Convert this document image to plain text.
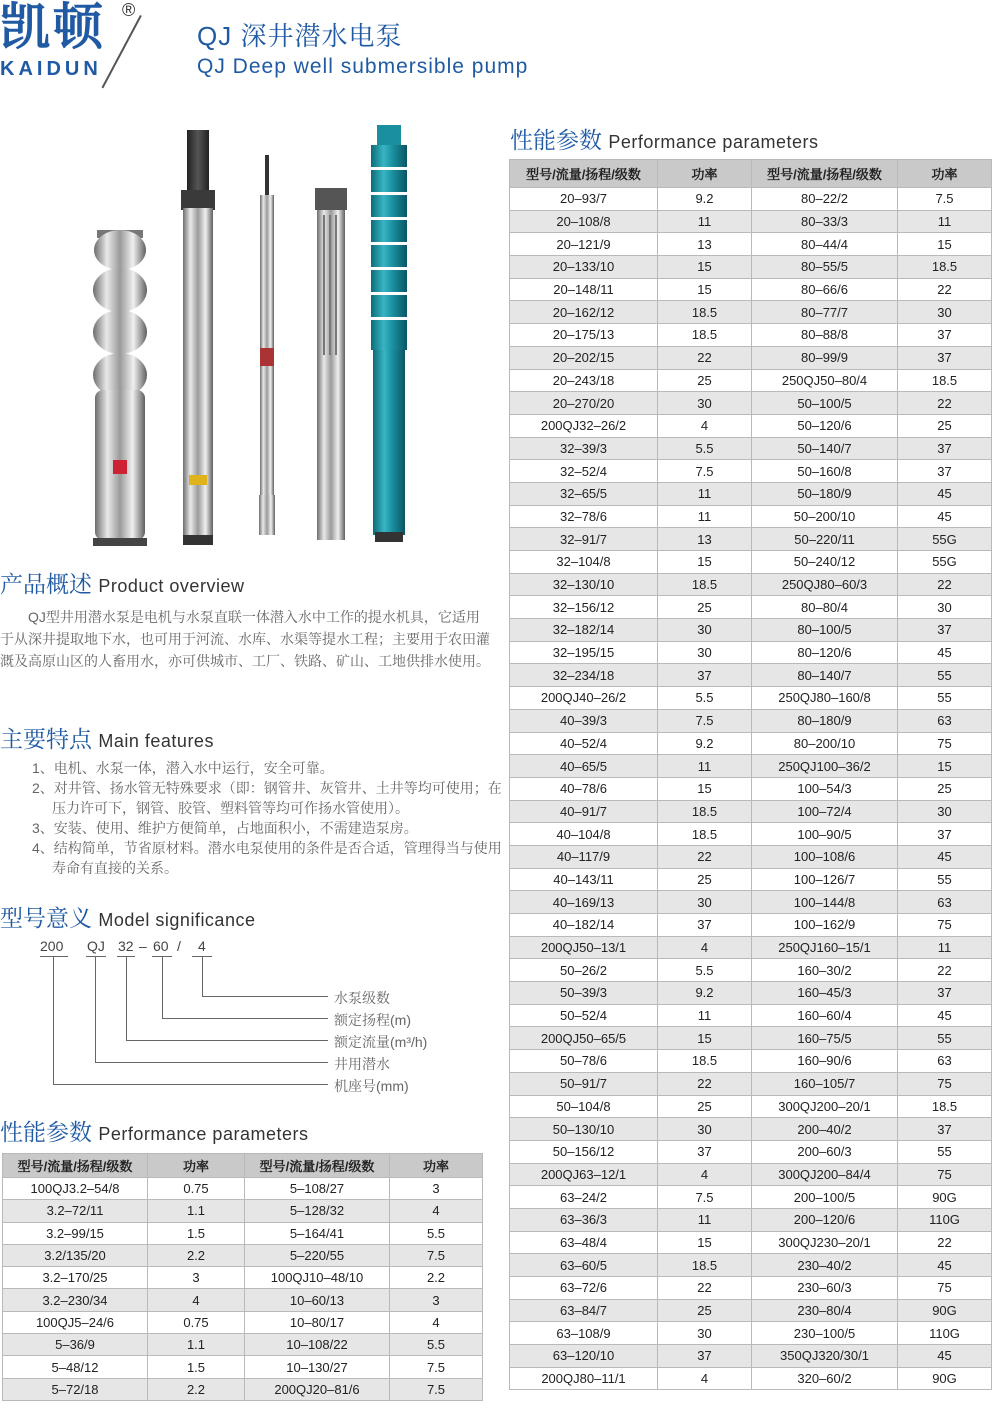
凯顿 ®
KAIDUN
QJ 深井潜水电泵
QJ Deep well submersible pump
产品概述 Product overview
QJ型井用潜水泵是电机与水泵直联一体潜入水中工作的提水机具，它适用于从深井提取地下水，也可用于河流、水库、水渠等提水工程；主要用于农田灌溉及高原山区的人畜用水，亦可供城市、工厂、铁路、矿山、工地供排水使用。
主要特点 Main features
1、电机、水泵一体，潜入水中运行，安全可靠。
2、对井管、扬水管无特殊要求（即：钢管井、灰管井、土井等均可使用；在压力许可下，钢管、胶管、塑料管等均可作扬水管使用）。
3、安装、使用、维护方便简单，占地面积小，不需建造泵房。
4、结构简单，节省原材料。潜水电泵使用的条件是否合适，管理得当与使用寿命有直接的关系。
型号意义 Model significance
200 QJ 32 – 60 / 4
水泵级数
额定扬程(m)
额定流量(m³/h)
井用潜水
机座号(mm)
性能参数 Performance parameters
型号/流量/扬程/级数	功率	型号/流量/扬程/级数	功率
100QJ3.2–54/8	0.75	5–108/27	3
3.2–72/11	1.1	5–128/32	4
3.2–99/15	1.5	5–164/41	5.5
3.2/135/20	2.2	5–220/55	7.5
3.2–170/25	3	100QJ10–48/10	2.2
3.2–230/34	4	10–60/13	3
100QJ5–24/6	0.75	10–80/17	4
5–36/9	1.1	10–108/22	5.5
5–48/12	1.5	10–130/27	7.5
5–72/18	2.2	200QJ20–81/6	7.5
性能参数 Performance parameters
型号/流量/扬程/级数	功率	型号/流量/扬程/级数	功率
20–93/7	9.2	80–22/2	7.5
20–108/8	11	80–33/3	11
20–121/9	13	80–44/4	15
20–133/10	15	80–55/5	18.5
20–148/11	15	80–66/6	22
20–162/12	18.5	80–77/7	30
20–175/13	18.5	80–88/8	37
20–202/15	22	80–99/9	37
20–243/18	25	250QJ50–80/4	18.5
20–270/20	30	50–100/5	22
200QJ32–26/2	4	50–120/6	25
32–39/3	5.5	50–140/7	37
32–52/4	7.5	50–160/8	37
32–65/5	11	50–180/9	45
32–78/6	11	50–200/10	45
32–91/7	13	50–220/11	55G
32–104/8	15	50–240/12	55G
32–130/10	18.5	250QJ80–60/3	22
32–156/12	25	80–80/4	30
32–182/14	30	80–100/5	37
32–195/15	30	80–120/6	45
32–234/18	37	80–140/7	55
200QJ40–26/2	5.5	250QJ80–160/8	55
40–39/3	7.5	80–180/9	63
40–52/4	9.2	80–200/10	75
40–65/5	11	250QJ100–36/2	15
40–78/6	15	100–54/3	25
40–91/7	18.5	100–72/4	30
40–104/8	18.5	100–90/5	37
40–117/9	22	100–108/6	45
40–143/11	25	100–126/7	55
40–169/13	30	100–144/8	63
40–182/14	37	100–162/9	75
200QJ50–13/1	4	250QJ160–15/1	11
50–26/2	5.5	160–30/2	22
50–39/3	9.2	160–45/3	37
50–52/4	11	160–60/4	45
200QJ50–65/5	15	160–75/5	55
50–78/6	18.5	160–90/6	63
50–91/7	22	160–105/7	75
50–104/8	25	300QJ200–20/1	18.5
50–130/10	30	200–40/2	37
50–156/12	37	200–60/3	55
200QJ63–12/1	4	300QJ200–84/4	75
63–24/2	7.5	200–100/5	90G
63–36/3	11	200–120/6	110G
63–48/4	15	300QJ230–20/1	22
63–60/5	18.5	230–40/2	45
63–72/6	22	230–60/3	75
63–84/7	25	230–80/4	90G
63–108/9	30	230–100/5	110G
63–120/10	37	350QJ320/30/1	45
200QJ80–11/1	4	320–60/2	90G
